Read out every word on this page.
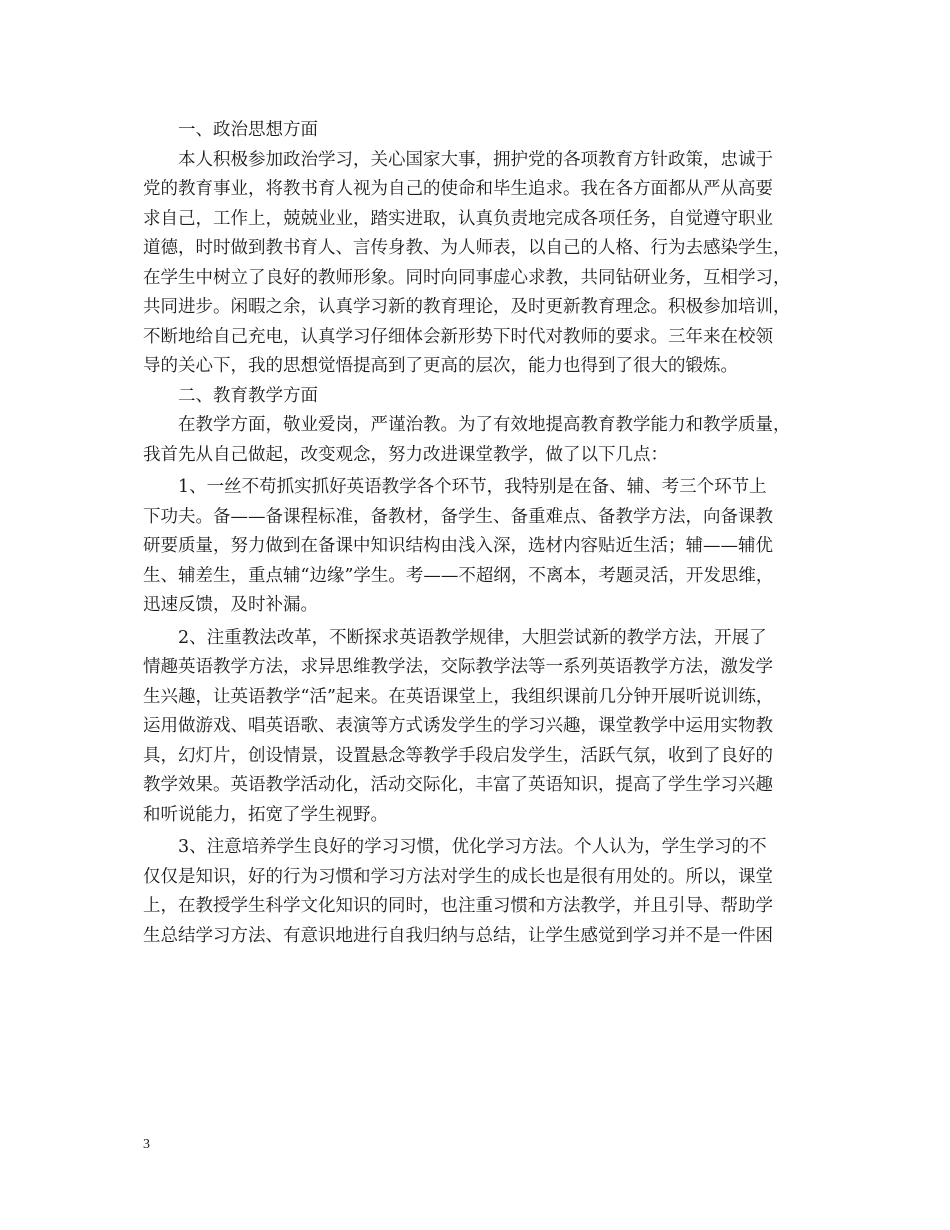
一、政治思想方面
本人积极参加政治学习，关心国家大事，拥护党的各项教育方针政策，忠诚于
党的教育事业，将教书育人视为自己的使命和毕生追求。我在各方面都从严从高要
求自己，工作上，兢兢业业，踏实进取，认真负责地完成各项任务，自觉遵守职业
道德，时时做到教书育人、言传身教、为人师表，以自己的人格、行为去感染学生，
在学生中树立了良好的教师形象。同时向同事虚心求教，共同钻研业务，互相学习，
共同进步。闲暇之余，认真学习新的教育理论，及时更新教育理念。积极参加培训，
不断地给自己充电，认真学习仔细体会新形势下时代对教师的要求。三年来在校领
导的关心下，我的思想觉悟提高到了更高的层次，能力也得到了很大的锻炼。
二、教育教学方面
在教学方面，敬业爱岗，严谨治教。为了有效地提高教育教学能力和教学质量，
我首先从自己做起，改变观念，努力改进课堂教学，做了以下几点：
1、一丝不苟抓实抓好英语教学各个环节，我特别是在备、辅、考三个环节上
下功夫。备——备课程标准，备教材，备学生、备重难点、备教学方法，向备课教
研要质量，努力做到在备课中知识结构由浅入深，选材内容贴近生活；辅——辅优
生、辅差生，重点辅“边缘”学生。考——不超纲，不离本，考题灵活，开发思维，
迅速反馈，及时补漏。
2、注重教法改革，不断探求英语教学规律，大胆尝试新的教学方法，开展了
情趣英语教学方法，求异思维教学法，交际教学法等一系列英语教学方法，激发学
生兴趣，让英语教学“活”起来。在英语课堂上，我组织课前几分钟开展听说训练，
运用做游戏、唱英语歌、表演等方式诱发学生的学习兴趣，课堂教学中运用实物教
具，幻灯片，创设情景，设置悬念等教学手段启发学生，活跃气氛，收到了良好的
教学效果。英语教学活动化，活动交际化，丰富了英语知识，提高了学生学习兴趣
和听说能力，拓宽了学生视野。
3、注意培养学生良好的学习习惯，优化学习方法。个人认为，学生学习的不
仅仅是知识，好的行为习惯和学习方法对学生的成长也是很有用处的。所以，课堂
上，在教授学生科学文化知识的同时，也注重习惯和方法教学，并且引导、帮助学
生总结学习方法、有意识地进行自我归纳与总结，让学生感觉到学习并不是一件困
3
